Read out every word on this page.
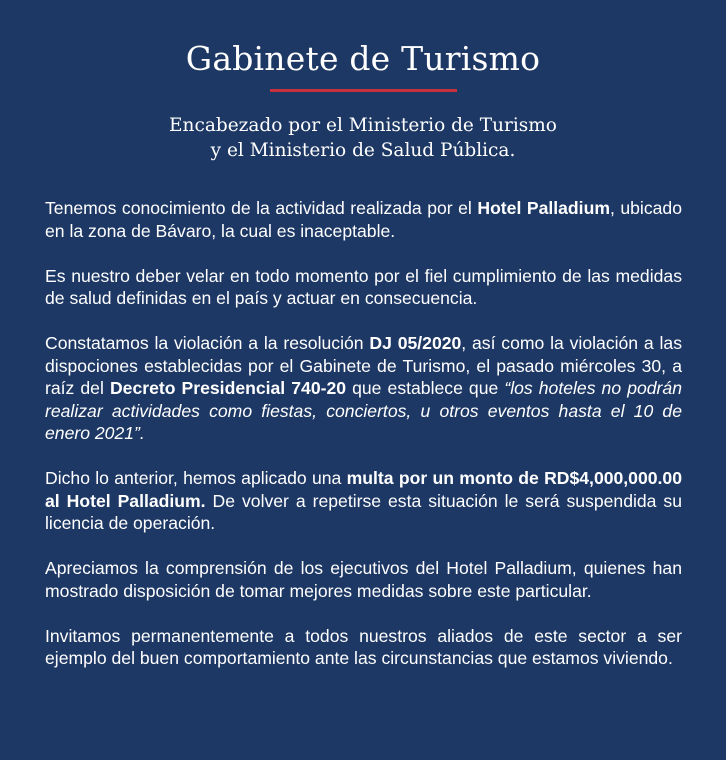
Gabinete de Turismo
Encabezado por el Ministerio de Turismo
y el Ministerio de Salud Pública.

Tenemos conocimiento de la actividad realizada por el Hotel Palladium, ubicado en la zona de Bávaro, la cual es inaceptable.

Es nuestro deber velar en todo momento por el fiel cumplimiento de las medidas de salud definidas en el país y actuar en consecuencia.

Constatamos la violación a la resolución DJ 05/2020, así como la violación a las dispociones establecidas por el Gabinete de Turismo, el pasado miércoles 30, a raíz del Decreto Presidencial 740-20 que establece que “los hoteles no podrán realizar actividades como fiestas, conciertos, u otros eventos hasta el 10 de enero 2021”.

Dicho lo anterior, hemos aplicado una multa por un monto de RD$4,000,000.00 al Hotel Palladium. De volver a repetirse esta situación le será suspendida su licencia de operación.

Apreciamos la comprensión de los ejecutivos del Hotel Palladium, quienes han mostrado disposición de tomar mejores medidas sobre este particular.

Invitamos permanentemente a todos nuestros aliados de este sector a ser ejemplo del buen comportamiento ante las circunstancias que estamos viviendo.
